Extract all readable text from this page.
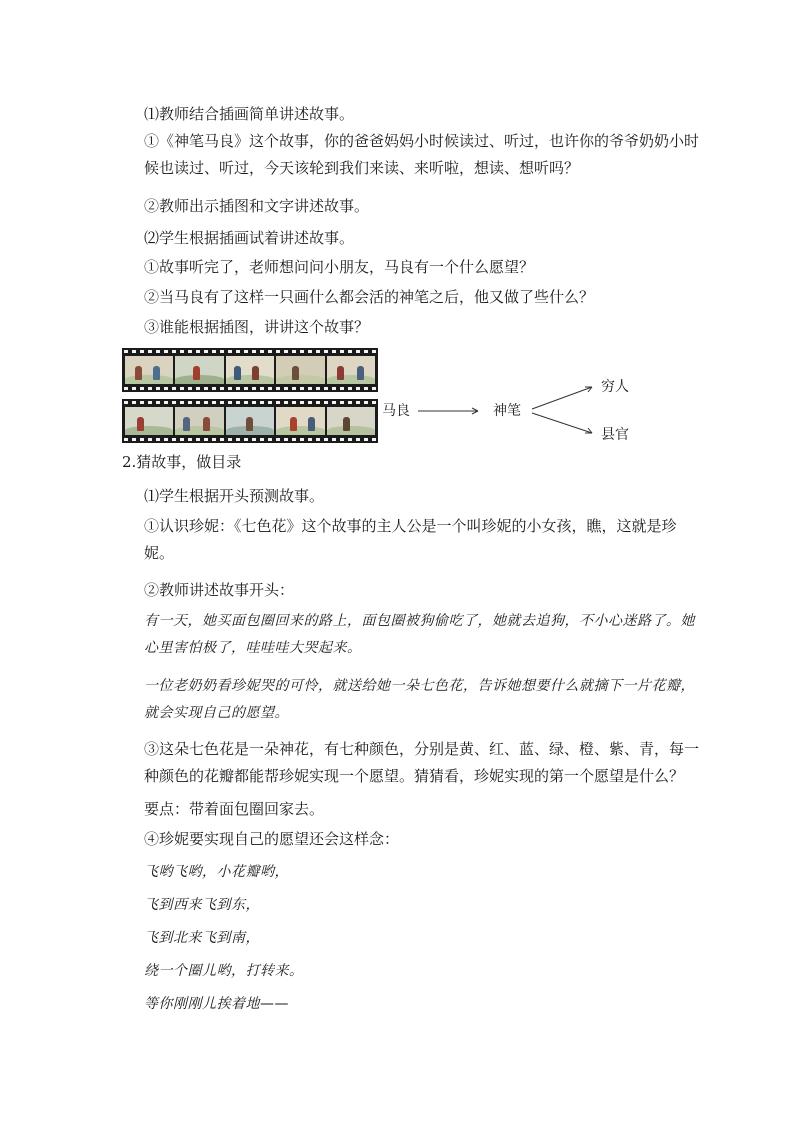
⑴教师结合插画简单讲述故事。
①《神笔马良》这个故事，你的爸爸妈妈小时候读过、听过，也许你的爷爷奶奶小时候也读过、听过，今天该轮到我们来读、来听啦，想读、想听吗？
②教师出示插图和文字讲述故事。
⑵学生根据插画试着讲述故事。
①故事听完了，老师想问问小朋友，马良有一个什么愿望？
②当马良有了这样一只画什么都会活的神笔之后，他又做了些什么？
③谁能根据插图，讲讲这个故事？
马良	神笔
穷人
县官
2.猜故事，做目录
⑴学生根据开头预测故事。
①认识珍妮：《七色花》这个故事的主人公是一个叫珍妮的小女孩，瞧，这就是珍妮。
②教师讲述故事开头：
有一天，她买面包圈回来的路上，面包圈被狗偷吃了，她就去追狗，不小心迷路了。她心里害怕极了，哇哇哇大哭起来。
一位老奶奶看珍妮哭的可怜，就送给她一朵七色花，告诉她想要什么就摘下一片花瓣，就会实现自己的愿望。
③这朵七色花是一朵神花，有七种颜色，分别是黄、红、蓝、绿、橙、紫、青，每一种颜色的花瓣都能帮珍妮实现一个愿望。猜猜看，珍妮实现的第一个愿望是什么？
要点：带着面包圈回家去。
④珍妮要实现自己的愿望还会这样念：
飞哟飞哟，小花瓣哟，
飞到西来飞到东，
飞到北来飞到南，
绕一个圈儿哟，打转来。
等你刚刚儿挨着地——
